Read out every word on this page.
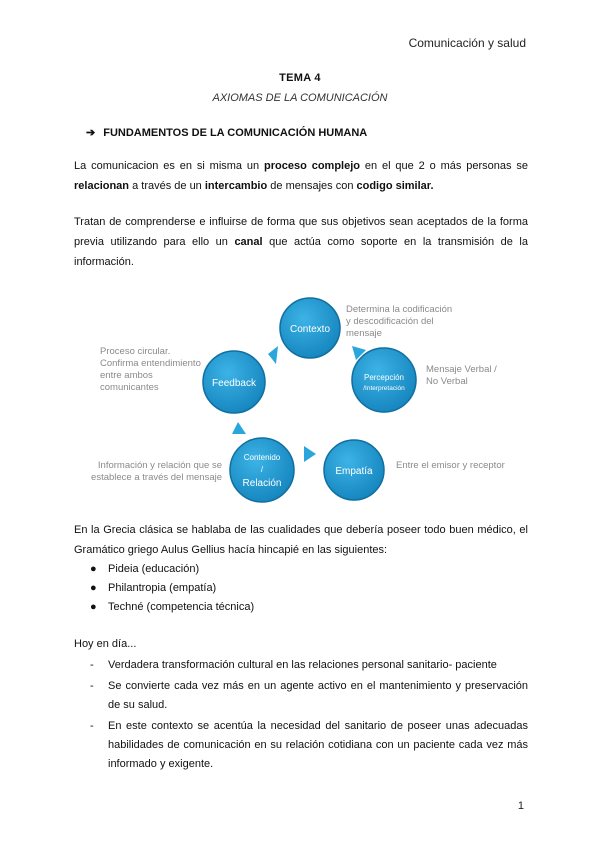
Comunicación y salud
TEMA 4
AXIOMAS DE LA COMUNICACIÓN
➔ FUNDAMENTOS DE LA COMUNICACIÓN HUMANA
La comunicacion es en si misma un proceso complejo en el que 2 o más personas se relacionan a través de un intercambio de mensajes con codigo similar.
Tratan de comprenderse e influirse de forma que sus objetivos sean aceptados de la forma previa utilizando para ello un canal que actúa como soporte en la transmisión de la información.
Contexto
Percepción
/Interpretación
Empatía
Contenido
/
Relación
Feedback
Determina la codificación
y descodificación del
mensaje
Mensaje Verbal /
No Verbal
Entre el emisor y receptor
Información y relación que se
establece a través del mensaje
Proceso circular.
Confirma entendimiento
entre ambos
comunicantes
En la Grecia clásica se hablaba de las cualidades que debería poseer todo buen médico, el Gramático griego Aulus Gellius hacía hincapié en las siguientes:
● Pideia (educación)
● Philantropia (empatía)
● Techné (competencia técnica)
Hoy en día...
- Verdadera transformación cultural en las relaciones personal sanitario- paciente
- Se convierte cada vez más en un agente activo en el mantenimiento y preservación de su salud.
- En este contexto se acentúa la necesidad del sanitario de poseer unas adecuadas habilidades de comunicación en su relación cotidiana con un paciente cada vez más informado y exigente.
1
